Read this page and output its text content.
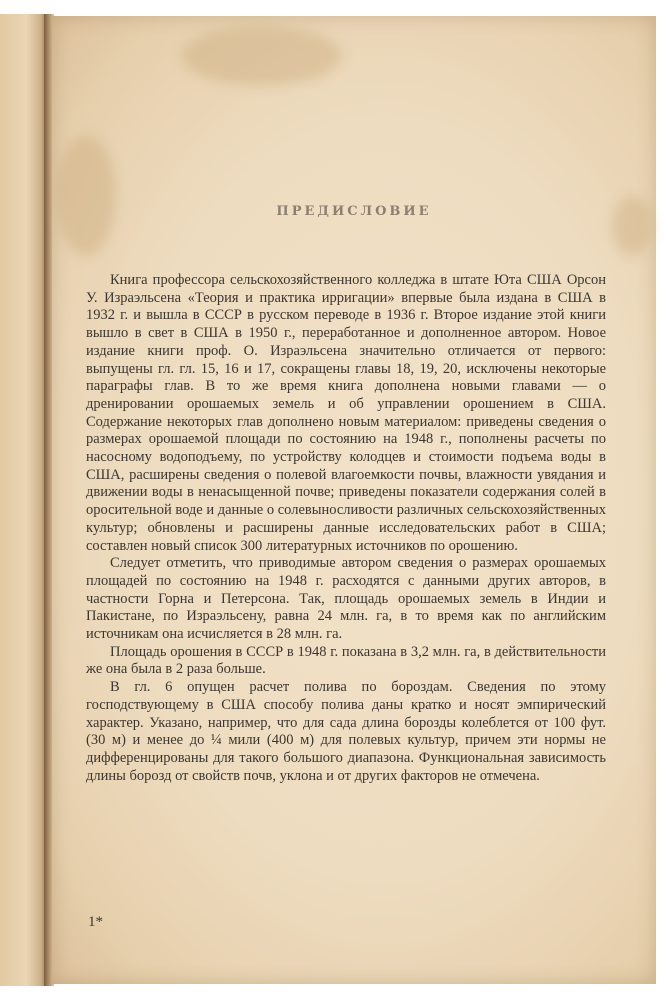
ПРЕДИСЛОВИЕ

Книга профессора сельскохозяйственного колледжа в штате Юта США Орсон У. Израэльсена «Теория и практика ирригации» впервые была издана в США в 1932 г. и вышла в СССР в русском переводе в 1936 г. Второе издание этой книги вышло в свет в США в 1950 г., переработанное и дополненное автором. Новое издание книги проф. О. Израэльсена значительно отличается от первого: выпущены гл. гл. 15, 16 и 17, сокращены главы 18, 19, 20, исключены некоторые параграфы глав. В то же время книга дополнена новыми главами — о дренировании орошаемых земель и об управлении орошением в США. Содержание некоторых глав дополнено новым материалом: приведены сведения о размерах орошаемой площади по состоянию на 1948 г., пополнены расчеты по насосному водоподъему, по устройству колодцев и стоимости подъема воды в США, расширены сведения о полевой влагоемкости почвы, влажности увядания и движении воды в ненасыщенной почве; приведены показатели содержания солей в оросительной воде и данные о солевыносливости различных сельскохозяйственных культур; обновлены и расширены данные исследовательских работ в США; составлен новый список 300 литературных источников по орошению.

Следует отметить, что приводимые автором сведения о размерах орошаемых площадей по состоянию на 1948 г. расходятся с данными других авторов, в частности Горна и Петерсона. Так, площадь орошаемых земель в Индии и Пакистане, по Израэльсену, равна 24 млн. га, в то время как по английским источникам она исчисляется в 28 млн. га.

Площадь орошения в СССР в 1948 г. показана в 3,2 млн. га, в действительности же она была в 2 раза больше.

В гл. 6 опущен расчет полива по бороздам. Сведения по этому господствующему в США способу полива даны кратко и носят эмпирический характер. Указано, например, что для сада длина борозды колеблется от 100 фут. (30 м) и менее до ¼ мили (400 м) для полевых культур, причем эти нормы не дифференцированы для такого большого диапазона. Функциональная зависимость длины борозд от свойств почв, уклона и от других факторов не отмечена.

1*
